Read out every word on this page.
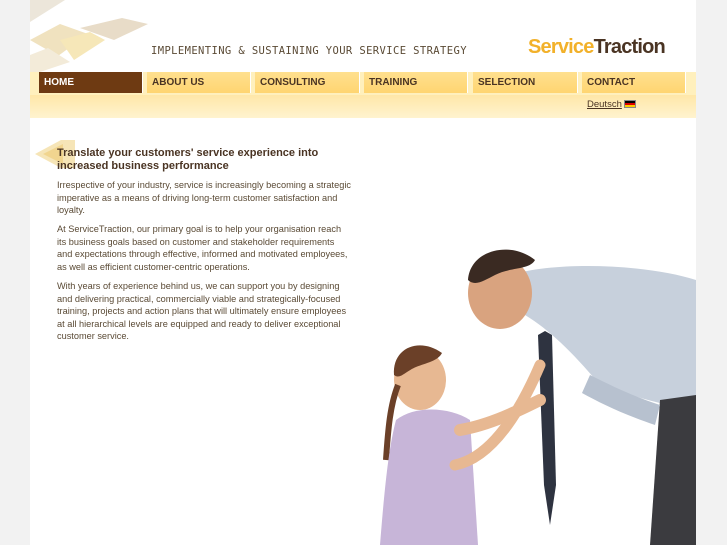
IMPLEMENTING & SUSTAINING YOUR SERVICE STRATEGY	ServiceTraction
HOME	ABOUT US	CONSULTING	TRAINING	SELECTION	CONTACT
Deutsch
Translate your customers' service experience into increased business performance

Irrespective of your industry, service is increasingly becoming a strategic imperative as a means of driving long-term customer satisfaction and loyalty.

At ServiceTraction, our primary goal is to help your organisation reach its business goals based on customer and stakeholder requirements and expectations through effective, informed and motivated employees, as well as efficient customer-centric operations.

With years of experience behind us, we can support you by designing and delivering practical, commercially viable and strategically-focused training, projects and action plans that will ultimately ensure employees at all hierarchical levels are equipped and ready to deliver exceptional customer service.
